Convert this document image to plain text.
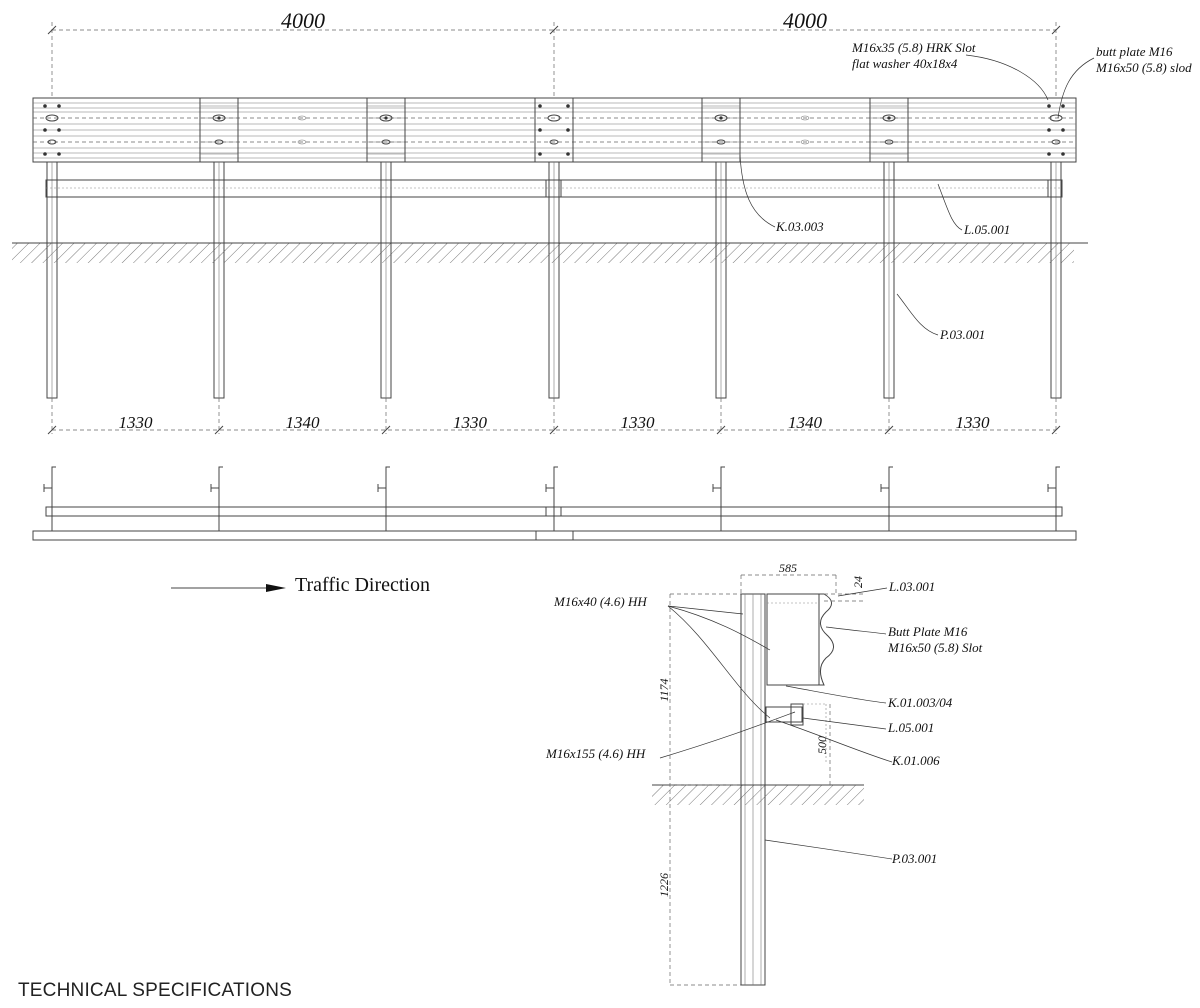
4000	4000
1330	1340	1330	1330	1340	1330
M16x35 (5.8) HRK Slot
flat washer 40x18x4
butt plate M16
M16x50 (5.8) slod
K.03.003	L.05.001
P.03.001
Traffic Direction
585
24
1174
500
1226
M16x40 (4.6) HH
M16x155 (4.6) HH
L.03.001
Butt Plate M16
M16x50 (5.8) Slot
K.01.003/04
L.05.001
K.01.006
P.03.001
TECHNICAL SPECIFICATIONS
